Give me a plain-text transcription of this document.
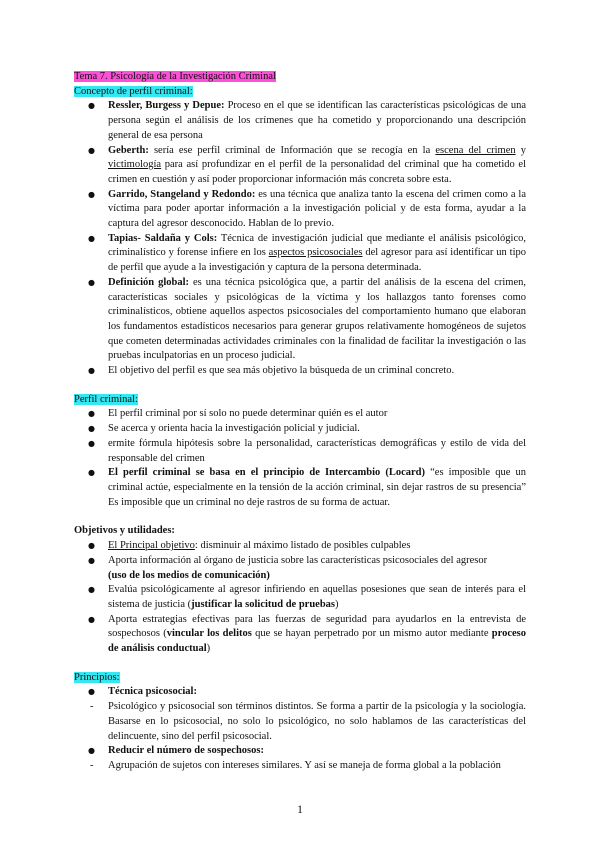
Tema 7. Psicología de la Investigación Criminal

Concepto de perfil criminal:

● Ressler, Burgess y Depue: Proceso en el que se identifican las características psicológicas de una persona según el análisis de los crímenes que ha cometido y proporcionando una descripción general de esa persona
● Geberth: sería ese perfil criminal de Información que se recogía en la escena del crimen y victimología para así profundizar en el perfil de la personalidad del criminal que ha cometido el crimen en cuestión y así poder proporcionar información más concreta sobre esta.
● Garrido, Stangeland y Redondo: es una técnica que analiza tanto la escena del crimen como a la víctima para poder aportar información a la investigación policial y de esta forma, ayudar a la captura del agresor desconocido. Hablan de lo previo.
● Tapias- Saldaña y Cols: Técnica de investigación judicial que mediante el análisis psicológico, criminalístico y forense infiere en los aspectos psicosociales del agresor para así identificar un tipo de perfil que ayude a la investigación y captura de la persona determinada.
● Definición global: es una técnica psicológica que, a partir del análisis de la escena del crimen, características sociales y psicológicas de la víctima y los hallazgos tanto forenses como criminalísticos, obtiene aquellos aspectos psicosociales del comportamiento humano que elaboran los fundamentos estadísticos necesarios para generar grupos relativamente homogéneos de sujetos que cometen determinadas actividades criminales con la finalidad de facilitar la investigación o las pruebas inculpatorias en un proceso judicial.
● El objetivo del perfil es que sea más objetivo la búsqueda de un criminal concreto.

Perfil criminal:

● El perfil criminal por sí solo no puede determinar quién es el autor
● Se acerca y orienta hacia la investigación policial y judicial.
● ermite fórmula hipótesis sobre la personalidad, características demográficas y estilo de vida del responsable del crimen
● El perfil criminal se basa en el principio de Intercambio (Locard) “es imposible que un criminal actúe, especialmente en la tensión de la acción criminal, sin dejar rastros de su presencia” Es imposible que un criminal no deje rastros de su forma de actuar.

Objetivos y utilidades:

● El Principal objetivo: disminuir al máximo listado de posibles culpables
● Aporta información al órgano de justicia sobre las características psicosociales del agresor
(uso de los medios de comunicación)
● Evalúa psicológicamente al agresor infiriendo en aquellas posesiones que sean de interés para el sistema de justicia (justificar la solicitud de pruebas)
● Aporta estrategias efectivas para las fuerzas de seguridad para ayudarlos en la entrevista de sospechosos (vincular los delitos que se hayan perpetrado por un mismo autor mediante proceso de análisis conductual)

Principios:

● Técnica psicosocial:
- Psicológico y psicosocial son términos distintos. Se forma a partir de la psicología y la sociología. Basarse en lo psicosocial, no solo lo psicológico, no solo hablamos de las características del delincuente, sino del perfil psicosocial.
● Reducir el número de sospechosos:
- Agrupación de sujetos con intereses similares. Y así se maneja de forma global a la población
1
